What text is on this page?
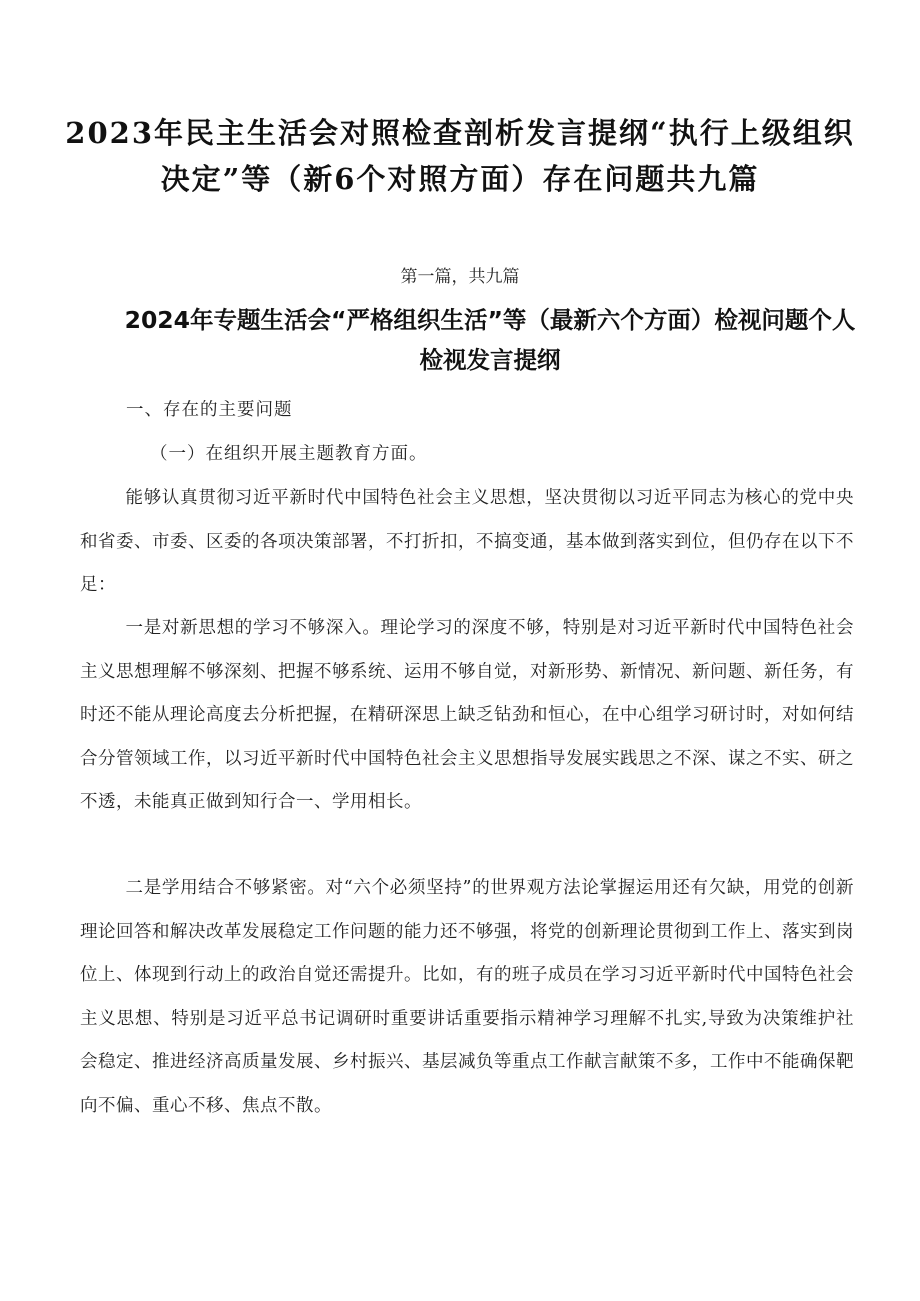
2023年民主生活会对照检查剖析发言提纲“执行上级组织决定”等（新6个对照方面）存在问题共九篇
第一篇，共九篇
2024年专题生活会“严格组织生活”等（最新六个方面）检视问题个人检视发言提纲
一、存在的主要问题
（一）在组织开展主题教育方面。

能够认真贯彻习近平新时代中国特色社会主义思想，坚决贯彻以习近平同志为核心的党中央和省委、市委、区委的各项决策部署，不打折扣，不搞变通，基本做到落实到位，但仍存在以下不足：

一是对新思想的学习不够深入。理论学习的深度不够，特别是对习近平新时代中国特色社会主义思想理解不够深刻、把握不够系统、运用不够自觉，对新形势、新情况、新问题、新任务，有时还不能从理论高度去分析把握，在精研深思上缺乏钻劲和恒心，在中心组学习研讨时，对如何结合分管领域工作，以习近平新时代中国特色社会主义思想指导发展实践思之不深、谋之不实、研之不透，未能真正做到知行合一、学用相长。

二是学用结合不够紧密。对“六个必须坚持”的世界观方法论掌握运用还有欠缺，用党的创新理论回答和解决改革发展稳定工作问题的能力还不够强，将党的创新理论贯彻到工作上、落实到岗位上、体现到行动上的政治自觉还需提升。比如，有的班子成员在学习习近平新时代中国特色社会主义思想、特别是习近平总书记调研时重要讲话重要指示精神学习理解不扎实,导致为决策维护社会稳定、推进经济高质量发展、乡村振兴、基层减负等重点工作献言献策不多，工作中不能确保靶向不偏、重心不移、焦点不散。
